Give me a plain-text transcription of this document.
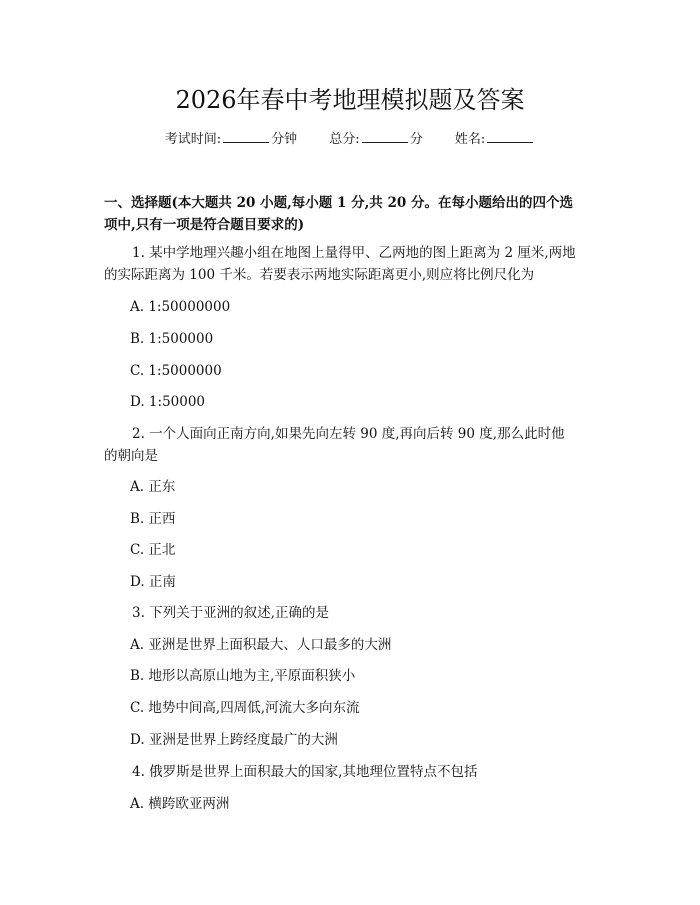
2026年春中考地理模拟题及答案
考试时间:	分钟 总分:	分 姓名:
一、选择题(本大题共 20 小题,每小题 1 分,共 20 分。在每小题给出的四个选
项中,只有一项是符合题目要求的)
1. 某中学地理兴趣小组在地图上量得甲、乙两地的图上距离为 2 厘米,两地
的实际距离为 100 千米。若要表示两地实际距离更小,则应将比例尺化为
A. 1:50000000
B. 1:500000
C. 1:5000000
D. 1:50000
2. 一个人面向正南方向,如果先向左转 90 度,再向后转 90 度,那么此时他
的朝向是
A. 正东
B. 正西
C. 正北
D. 正南
3. 下列关于亚洲的叙述,正确的是
A. 亚洲是世界上面积最大、人口最多的大洲
B. 地形以高原山地为主,平原面积狭小
C. 地势中间高,四周低,河流大多向东流
D. 亚洲是世界上跨经度最广的大洲
4. 俄罗斯是世界上面积最大的国家,其地理位置特点不包括
A. 横跨欧亚两洲
